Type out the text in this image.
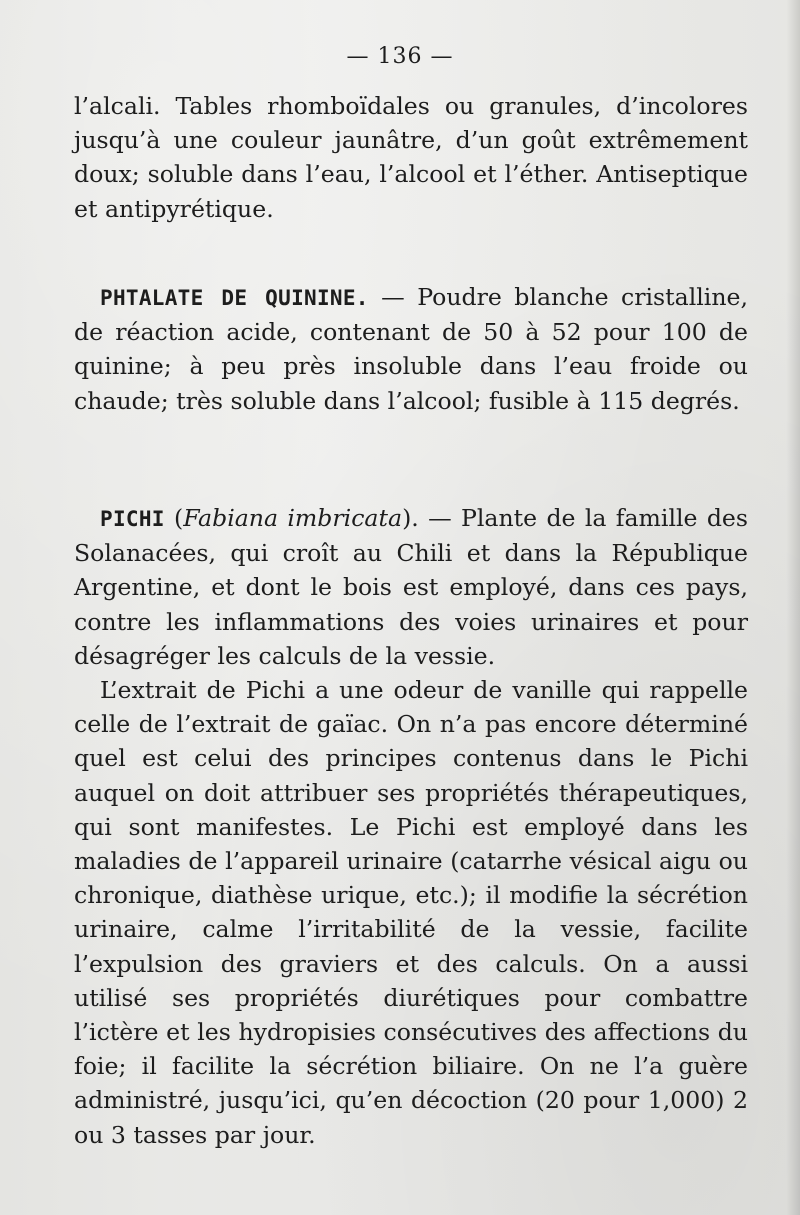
— 136 —

l’alcali. Tables rhomboïdales ou granules, d’incolores jusqu’à une couleur jaunâtre, d’un goût extrêmement doux; soluble dans l’eau, l’alcool et l’éther. Antiseptique et antipyrétique.

PHTALATE DE QUININE. — Poudre blanche cristalline, de réaction acide, contenant de 50 à 52 pour 100 de quinine; à peu près insoluble dans l’eau froide ou chaude; très soluble dans l’alcool; fusible à 115 degrés.

PICHI (Fabiana imbricata). — Plante de la famille des Solanacées, qui croît au Chili et dans la République Argentine, et dont le bois est employé, dans ces pays, contre les inflammations des voies urinaires et pour désagréger les calculs de la vessie.

L’extrait de Pichi a une odeur de vanille qui rappelle celle de l’extrait de gaïac. On n’a pas encore déterminé quel est celui des principes contenus dans le Pichi auquel on doit attribuer ses propriétés thérapeutiques, qui sont manifestes. Le Pichi est employé dans les maladies de l’appareil urinaire (catarrhe vésical aigu ou chronique, diathèse urique, etc.); il modifie la sécrétion urinaire, calme l’irritabilité de la vessie, facilite l’expulsion des graviers et des calculs. On a aussi utilisé ses propriétés diurétiques pour combattre l’ictère et les hydropisies consécutives des affections du foie; il facilite la sécrétion biliaire. On ne l’a guère administré, jusqu’ici, qu’en décoction (20 pour 1,000) 2 ou 3 tasses par jour.
